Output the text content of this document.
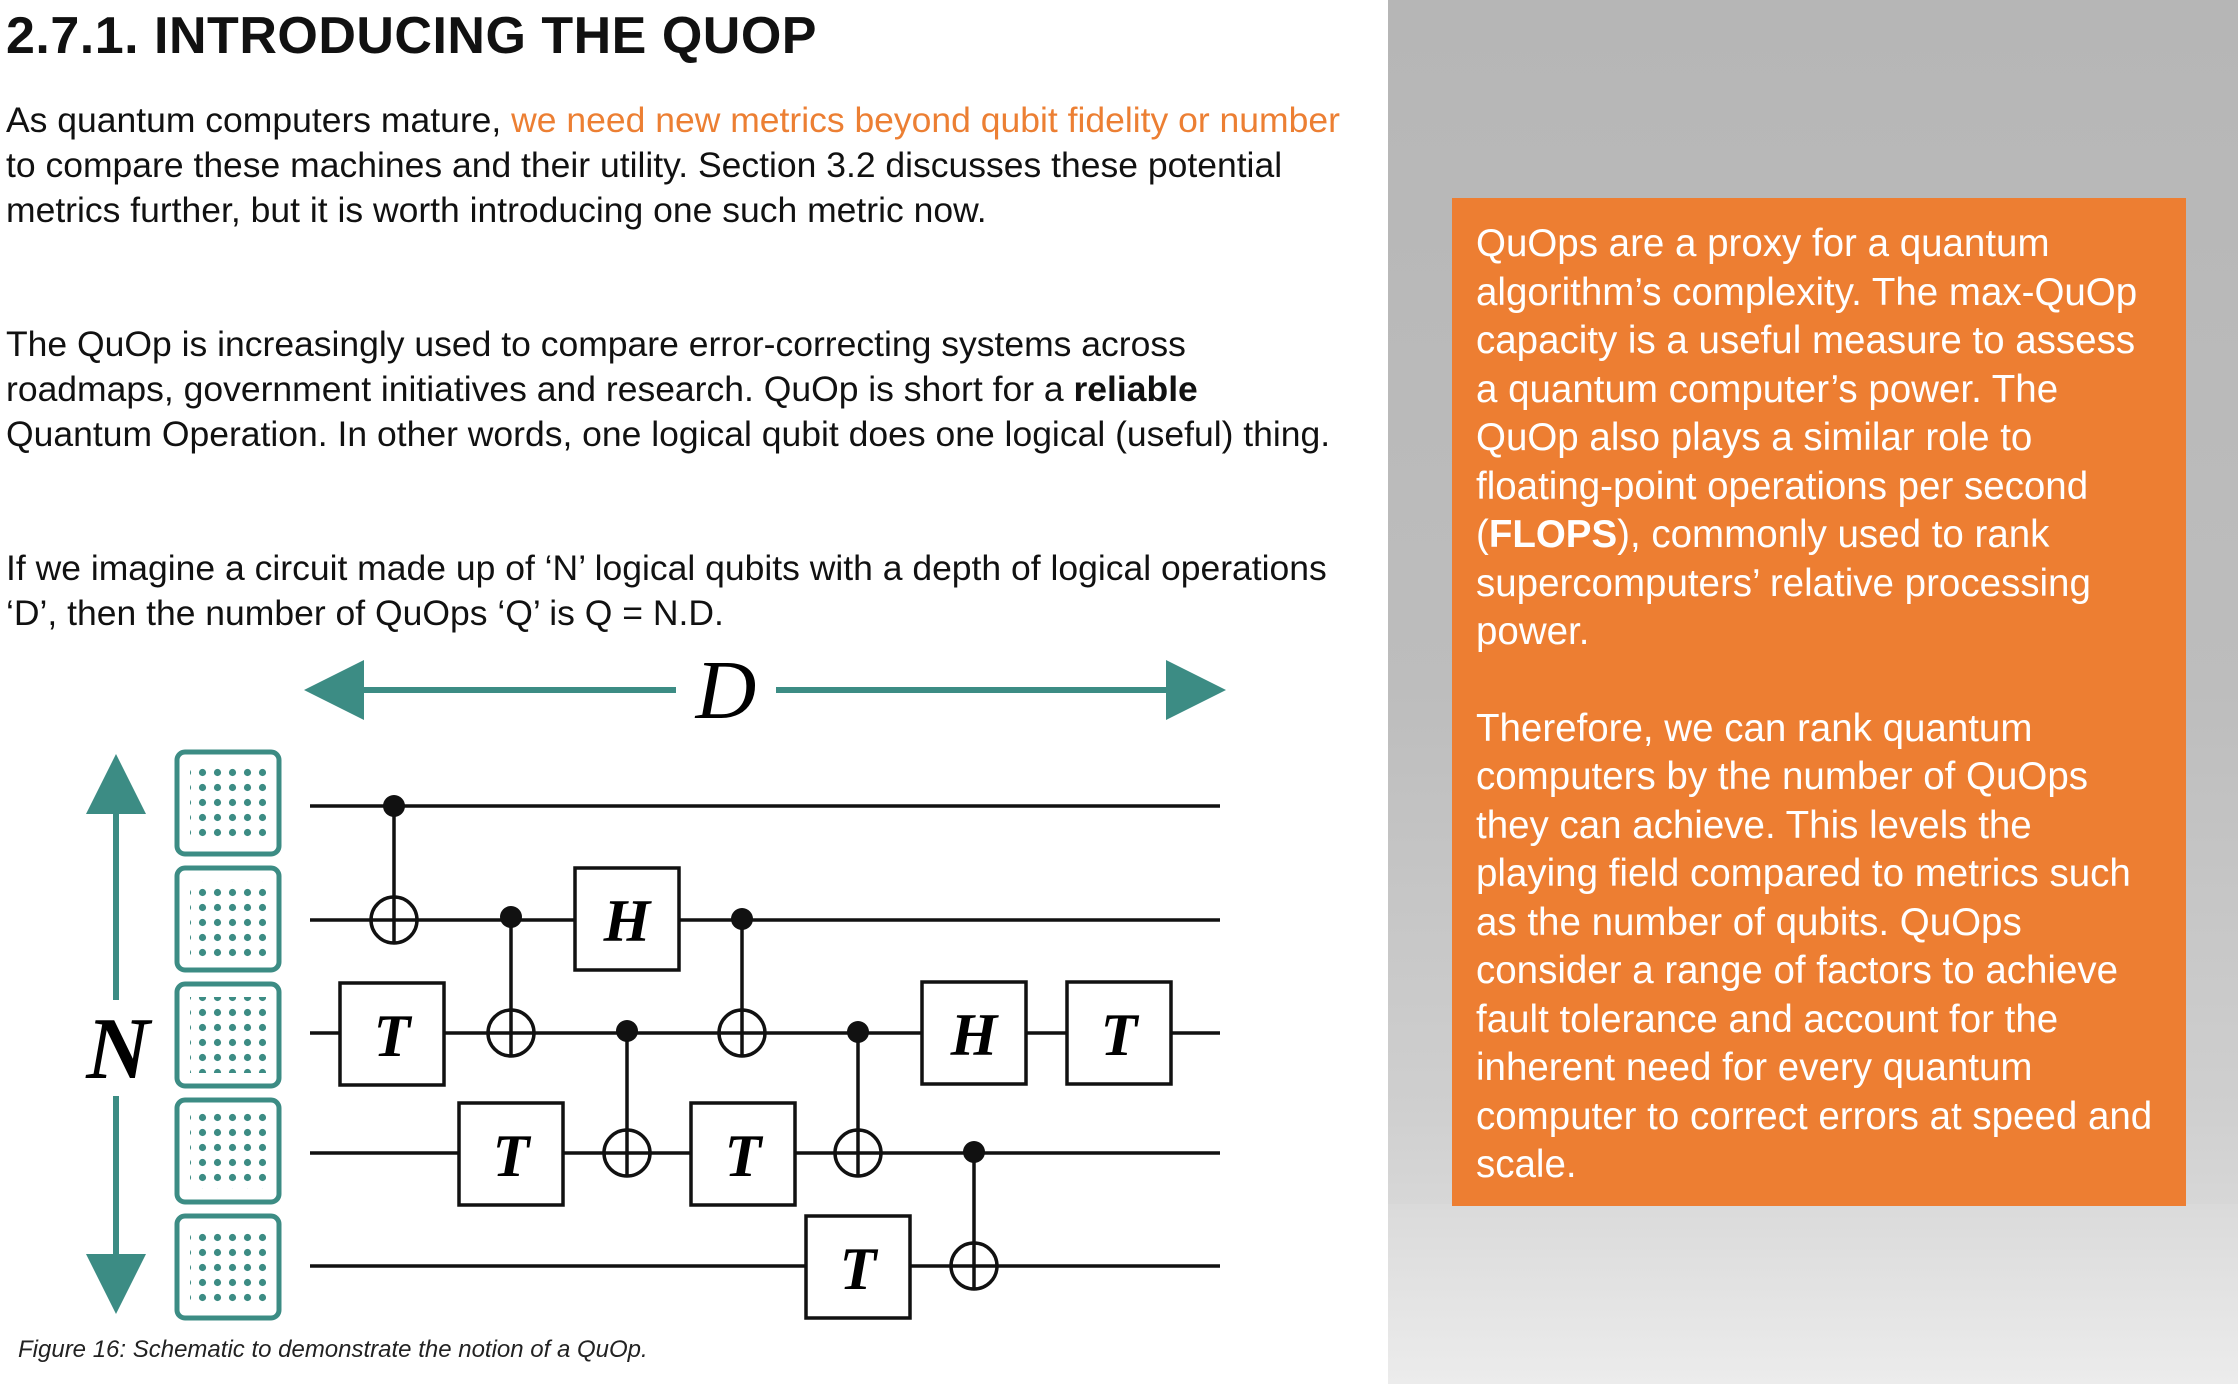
2.7.1. INTRODUCING THE QUOP

As quantum computers mature, we need new metrics beyond qubit fidelity or number to compare these machines and their utility. Section 3.2 discusses these potential metrics further, but it is worth introducing one such metric now.

The QuOp is increasingly used to compare error-correcting systems across roadmaps, government initiatives and research. QuOp is short for a reliable Quantum Operation. In other words, one logical qubit does one logical (useful) thing.

If we imagine a circuit made up of ‘N’ logical qubits with a depth of logical operations ‘D’, then the number of QuOps ‘Q’ is Q = N.D.

D
N	T
H
T	T
T
H T

Figure 16: Schematic to demonstrate the notion of a QuOp.

QuOps are a proxy for a quantum algorithm’s complexity. The max-QuOp capacity is a useful measure to assess a quantum computer’s power. The QuOp also plays a similar role to floating-point operations per second (FLOPS), commonly used to rank supercomputers’ relative processing power.

Therefore, we can rank quantum computers by the number of QuOps they can achieve. This levels the playing field compared to metrics such as the number of qubits. QuOps consider a range of factors to achieve fault tolerance and account for the inherent need for every quantum computer to correct errors at speed and scale.
